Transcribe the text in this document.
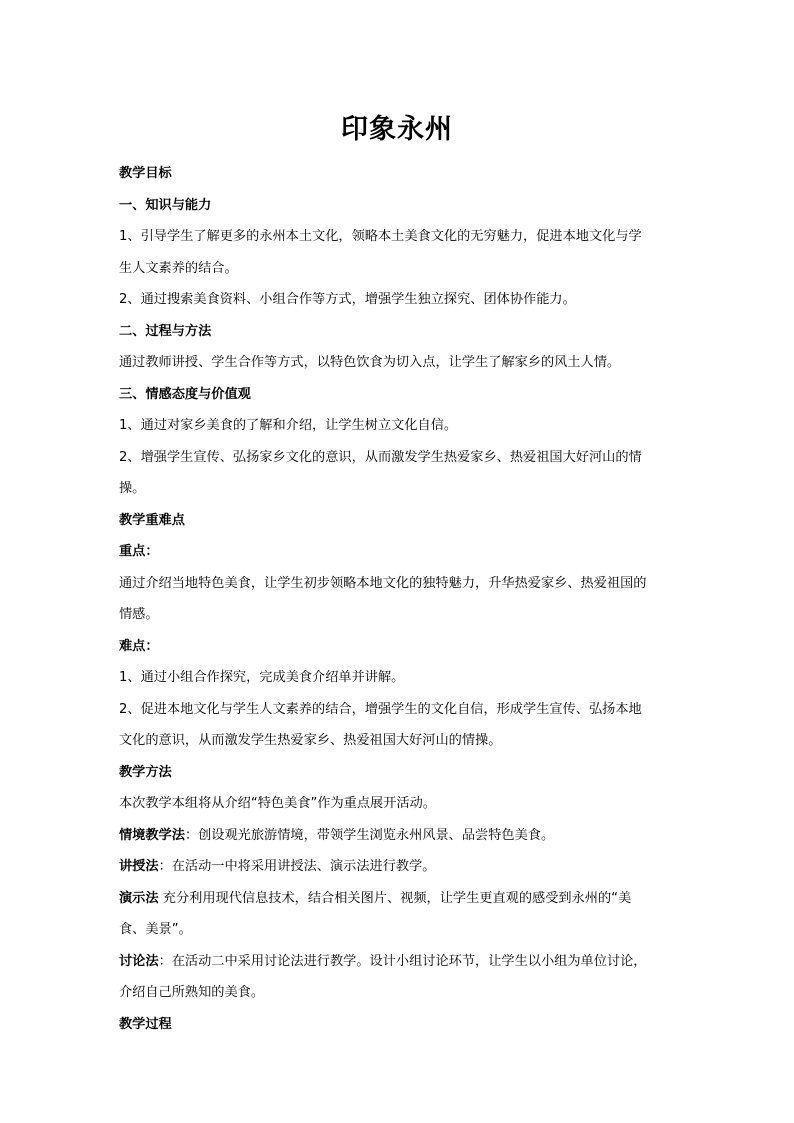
印象永州

教学目标

一、知识与能力

1、引导学生了解更多的永州本土文化，领略本土美食文化的无穷魅力，促进本地文化与学

生人文素养的结合。

2、通过搜索美食资料、小组合作等方式，增强学生独立探究、团体协作能力。

二、过程与方法

通过教师讲授、学生合作等方式，以特色饮食为切入点，让学生了解家乡的风土人情。

三、情感态度与价值观

1、通过对家乡美食的了解和介绍，让学生树立文化自信。

2、增强学生宣传、弘扬家乡文化的意识，从而激发学生热爱家乡、热爱祖国大好河山的情

操。

教学重难点

重点：

通过介绍当地特色美食，让学生初步领略本地文化的独特魅力，升华热爱家乡、热爱祖国的

情感。

难点：

1、通过小组合作探究，完成美食介绍单并讲解。

2、促进本地文化与学生人文素养的结合，增强学生的文化自信，形成学生宣传、弘扬本地

文化的意识，从而激发学生热爱家乡、热爱祖国大好河山的情操。

教学方法

本次教学本组将从介绍“特色美食”作为重点展开活动。

情境教学法：创设观光旅游情境，带领学生浏览永州风景、品尝特色美食。

讲授法：在活动一中将采用讲授法、演示法进行教学。

演示法 充分利用现代信息技术，结合相关图片、视频，让学生更直观的感受到永州的“美

食、美景”。

讨论法：在活动二中采用讨论法进行教学。设计小组讨论环节，让学生以小组为单位讨论，

介绍自己所熟知的美食。

教学过程
